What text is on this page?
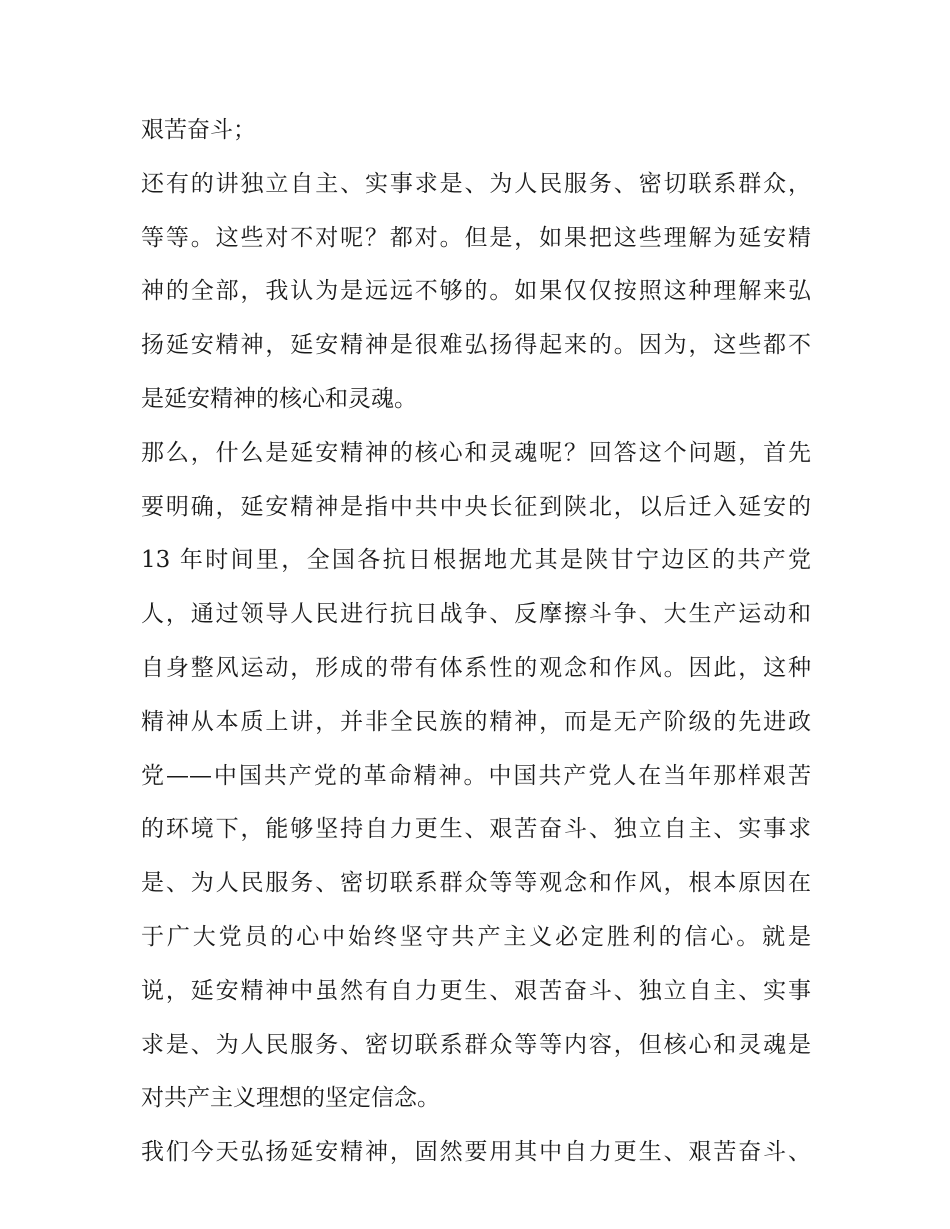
艰苦奋斗；
还有的讲独立自主、实事求是、为人民服务、密切联系群众，
等等。这些对不对呢？都对。但是，如果把这些理解为延安精
神的全部，我认为是远远不够的。如果仅仅按照这种理解来弘
扬延安精神，延安精神是很难弘扬得起来的。因为，这些都不
是延安精神的核心和灵魂。
那么，什么是延安精神的核心和灵魂呢？回答这个问题，首先
要明确，延安精神是指中共中央长征到陕北，以后迁入延安的
13 年时间里，全国各抗日根据地尤其是陕甘宁边区的共产党
人，通过领导人民进行抗日战争、反摩擦斗争、大生产运动和
自身整风运动，形成的带有体系性的观念和作风。因此，这种
精神从本质上讲，并非全民族的精神，而是无产阶级的先进政
党——中国共产党的革命精神。中国共产党人在当年那样艰苦
的环境下，能够坚持自力更生、艰苦奋斗、独立自主、实事求
是、为人民服务、密切联系群众等等观念和作风，根本原因在
于广大党员的心中始终坚守共产主义必定胜利的信心。就是
说，延安精神中虽然有自力更生、艰苦奋斗、独立自主、实事
求是、为人民服务、密切联系群众等等内容，但核心和灵魂是
对共产主义理想的坚定信念。
我们今天弘扬延安精神，固然要用其中自力更生、艰苦奋斗、
